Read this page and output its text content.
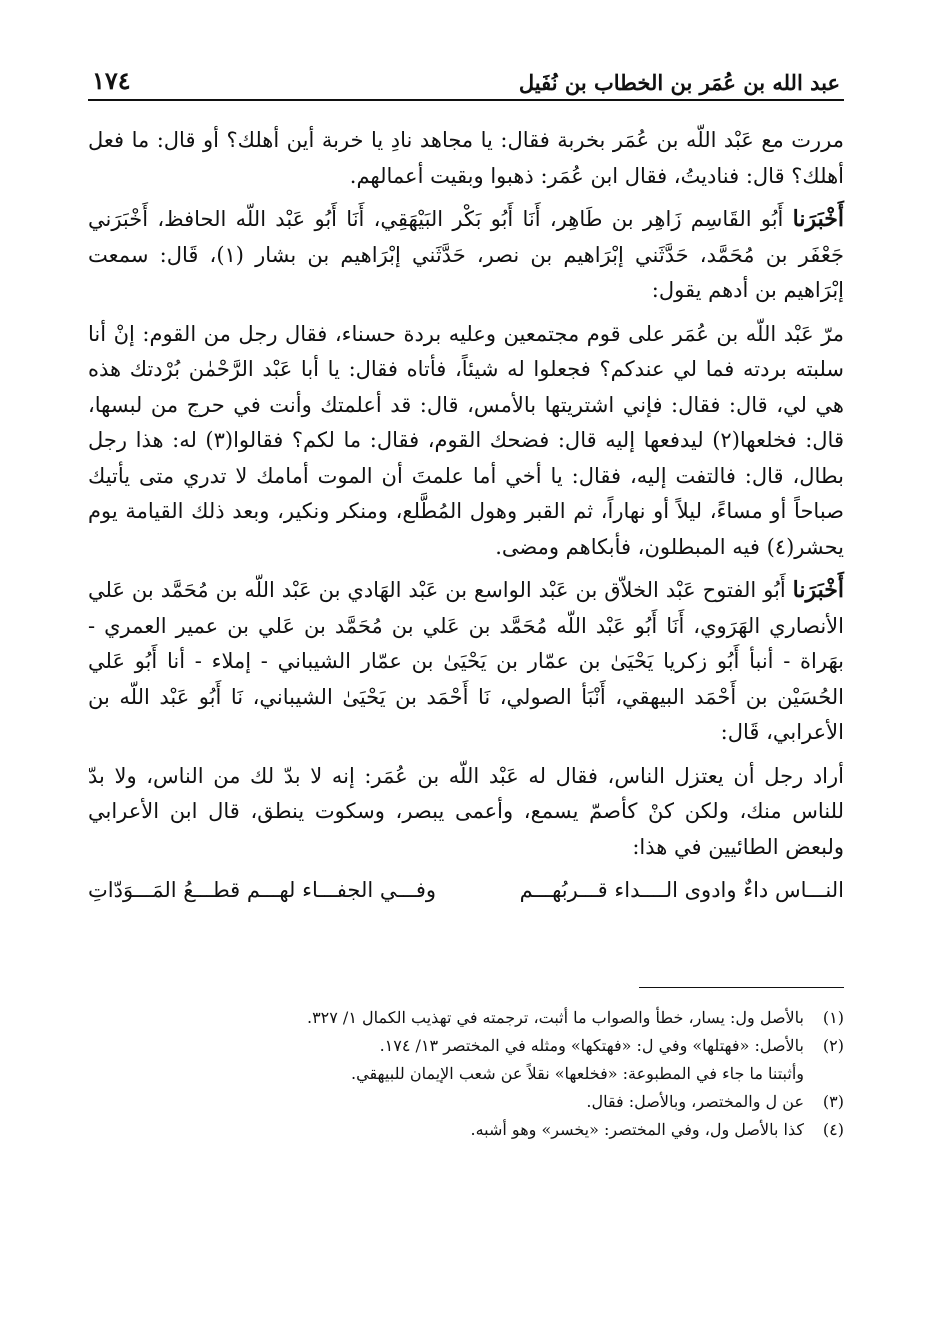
عبد الله بن عُمَر بن الخطاب بن نُفَيل
١٧٤

مررت مع عَبْد اللّه بن عُمَر بخربة فقال: يا مجاهد نادِ يا خربة أين أهلك؟ أو قال: ما فعل أهلك؟ قال: فناديتُ، فقال ابن عُمَر: ذهبوا وبقيت أعمالهم.

أَخْبَرَنا أَبُو القَاسِم زَاهِر بن طَاهِر، أَنَا أَبُو بَكْر البَيْهَقِي، أَنَا أَبُو عَبْد اللّه الحافظ، أَخْبَرَني جَعْفَر بن مُحَمَّد، حَدَّثَني إبْرَاهيم بن نصر، حَدَّثَني إبْرَاهيم بن بشار (١)، قَال: سمعت إبْرَاهيم بن أدهم يقول:

مرّ عَبْد اللّه بن عُمَر على قوم مجتمعين وعليه بردة حسناء، فقال رجل من القوم: إنْ أنا سلبته بردته فما لي عندكم؟ فجعلوا له شيئاً، فأتاه فقال: يا أبا عَبْد الرَّحْمٰن بُرْدتك هذه هي لي، قال: فقال: فإني اشتريتها بالأمس، قال: قد أعلمتك وأنت في حرج من لبسها، قال: فخلعها(٢) ليدفعها إليه قال: فضحك القوم، فقال: ما لكم؟ فقالوا(٣) له: هذا رجل بطال، قال: فالتفت إليه، فقال: يا أخي أما علمتَ أن الموت أمامك لا تدري متى يأتيك صباحاً أو مساءً، ليلاً أو نهاراً، ثم القبر وهول المُطَّلع، ومنكر ونكير، وبعد ذلك القيامة يوم يحشر(٤) فيه المبطلون، فأبكاهم ومضى.

أَخْبَرَنا أَبُو الفتوح عَبْد الخلاّق بن عَبْد الواسع بن عَبْد الهَادي بن عَبْد اللّه بن مُحَمَّد بن عَلي الأنصاري الهَرَوي، أَنَا أَبُو عَبْد اللّه مُحَمَّد بن عَلي بن مُحَمَّد بن عَلي بن عمير العمري - بهَراة - أنبأ أَبُو زكريا يَحْيَىٰ بن عمّار بن يَحْيَىٰ بن عمّار الشيباني - إملاء - أنا أَبُو عَلي الحُسَيْن بن أَحْمَد البيهقي، أَنْبَأ الصولي، نَا أَحْمَد بن يَحْيَىٰ الشيباني، نَا أَبُو عَبْد اللّه بن الأعرابي، قَال:

أراد رجل أن يعتزل الناس، فقال له عَبْد اللّه بن عُمَر: إنه لا بدّ لك من الناس، ولا بدّ للناس منك، ولكن كنْ كأصمّ يسمع، وأعمى يبصر، وسكوت ينطق، قال ابن الأعرابي ولبعض الطائيين في هذا:

النـــاس داءٌ وادوى الــــداء قـــربُهـــم
وفـــي الجفـــاء لهـــم قطـــعُ المَـــوَدّاتِ
(١)
بالأصل ول: يسار، خطأ والصواب ما أثبت، ترجمته في تهذيب الكمال ١/ ٣٢٧.
(٢)
بالأصل: «فهتلها» وفي ل: «فهتكها» ومثله في المختصر ١٣/ ١٧٤.
وأثبتنا ما جاء في المطبوعة: «فخلعها» نقلاً عن شعب الإيمان للبيهقي.
(٣)
عن ل والمختصر، وبالأصل: فقال.
(٤)
كذا بالأصل ول، وفي المختصر: «يخسر» وهو أشبه.
